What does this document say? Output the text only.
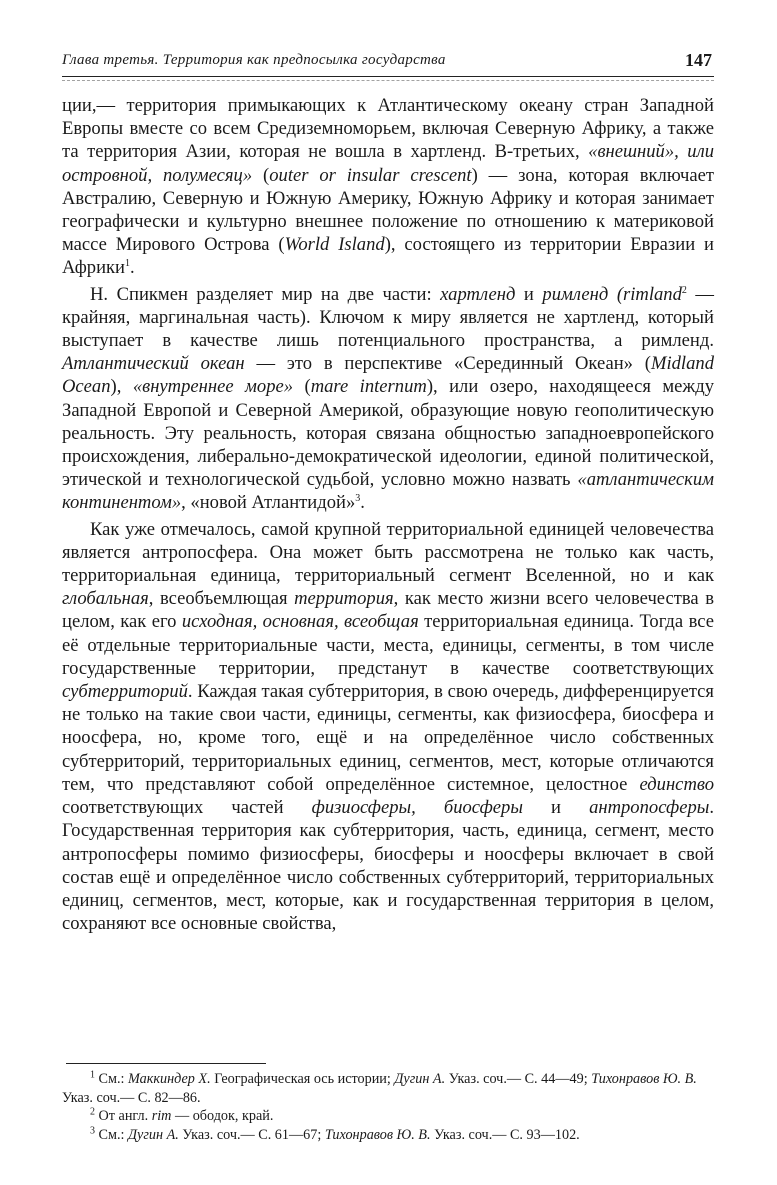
Глава третья. Территория как предпосылка государства	147

ции,— территория примыкающих к Атлантическому океану стран Западной Европы вместе со всем Средиземноморьем, включая Северную Африку, а также та территория Азии, которая не вошла в хартленд. В-третьих, «внешний», или островной, полумесяц» (outer or insular crescent) — зона, которая включает Австралию, Северную и Южную Америку, Южную Африку и которая занимает географически и культурно внешнее положение по отношению к материковой массе Мирового Острова (World Island), состоящего из территории Евразии и Африки$^1$.

Н. Спикмен разделяет мир на две части: хартленд и римленд (rimland$^2$ — крайняя, маргинальная часть). Ключом к миру является не хартленд, который выступает в качестве лишь потенциального пространства, а римленд. Атлантический океан — это в перспективе «Серединный Океан» (Midland Ocean), «внутреннее море» (mare internum), или озеро, находящееся между Западной Европой и Северной Америкой, образующие новую геополитическую реальность. Эту реальность, которая связана общностью западноевропейского происхождения, либерально-демократической идеологии, единой политической, этической и технологической судьбой, условно можно назвать «атлантическим континентом», «новой Атлантидой»$^3$.

Как уже отмечалось, самой крупной территориальной единицей человечества является антропосфера. Она может быть рассмотрена не только как часть, территориальная единица, территориальный сегмент Вселенной, но и как глобальная, всеобъемлющая территория, как место жизни всего человечества в целом, как его исходная, основная, всеобщая территориальная единица. Тогда все её отдельные территориальные части, места, единицы, сегменты, в том числе государственные территории, предстанут в качестве соответствующих субтерриторий. Каждая такая субтерритория, в свою очередь, дифференцируется не только на такие свои части, единицы, сегменты, как физиосфера, биосфера и ноосфера, но, кроме того, ещё и на определённое число собственных субтерриторий, территориальных единиц, сегментов, мест, которые отличаются тем, что представляют собой определённое системное, целостное единство соответствующих частей физиосферы, биосферы и антропосферы. Государственная территория как субтерритория, часть, единица, сегмент, место антропосферы помимо физиосферы, биосферы и ноосферы включает в свой состав ещё и определённое число собственных субтерриторий, территориальных единиц, сегментов, мест, которые, как и государственная территория в целом, сохраняют все основные свойства,

$^1$ См.: Маккиндер Х. Географическая ось истории; Дугин А. Указ. соч.— С. 44—49; Тихонравов Ю. В. Указ. соч.— С. 82—86.

$^2$ От англ. rim — ободок, край.

$^3$ См.: Дугин А. Указ. соч.— С. 61—67; Тихонравов Ю. В. Указ. соч.— С. 93—102.
